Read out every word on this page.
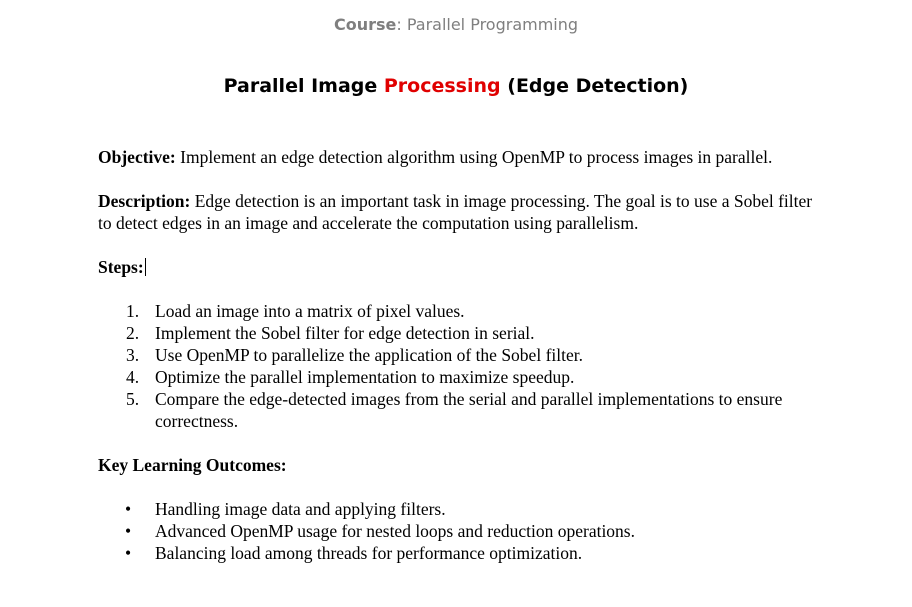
Course: Parallel Programming
Parallel Image Processing (Edge Detection)

Objective: Implement an edge detection algorithm using OpenMP to process images in parallel.

Description: Edge detection is an important task in image processing. The goal is to use a Sobel filter to detect edges in an image and accelerate the computation using parallelism.

Steps:

1. Load an image into a matrix of pixel values.
2. Implement the Sobel filter for edge detection in serial.
3. Use OpenMP to parallelize the application of the Sobel filter.
4. Optimize the parallel implementation to maximize speedup.
5. Compare the edge-detected images from the serial and parallel implementations to ensure correctness.

Key Learning Outcomes:

• Handling image data and applying filters.
• Advanced OpenMP usage for nested loops and reduction operations.
• Balancing load among threads for performance optimization.
